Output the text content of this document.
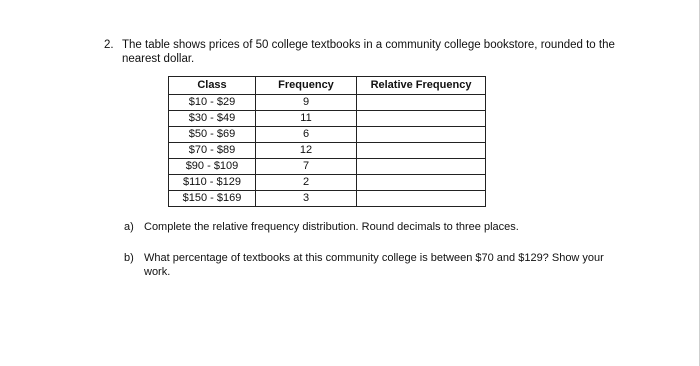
2. The table shows prices of 50 college textbooks in a community college bookstore, rounded to the nearest dollar.
Class	Frequency	Relative Frequency
$10 - $29	9	
$30 - $49	11	
$50 - $69	6	
$70 - $89	12	
$90 - $109	7	
$110 - $129	2	
$150 - $169	3	
a) Complete the relative frequency distribution. Round decimals to three places.
b) What percentage of textbooks at this community college is between $70 and $129? Show your work.
